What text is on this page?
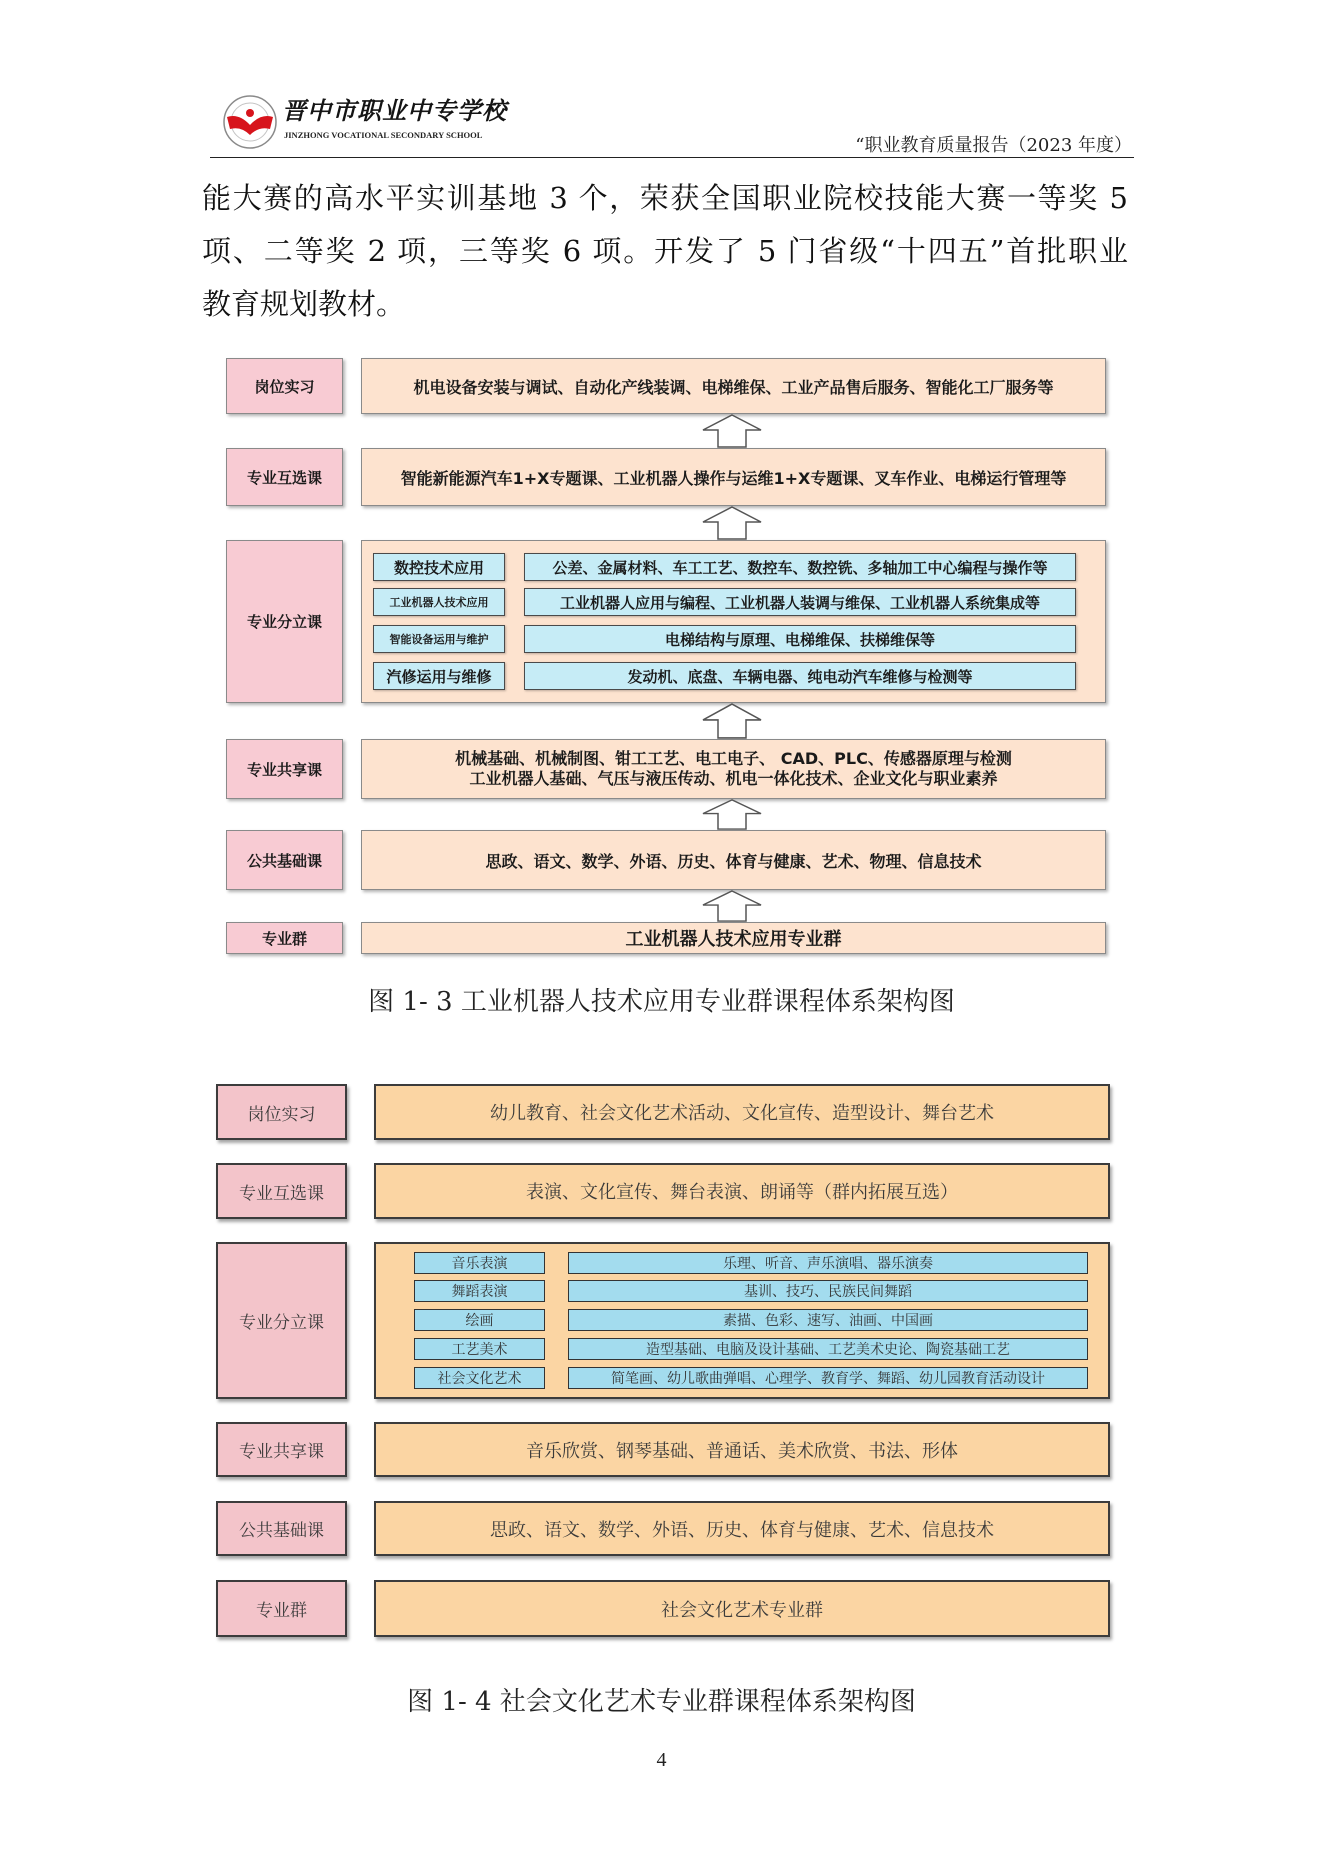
晋中市职业中专学校
JINZHONG VOCATIONAL SECONDARY SCHOOL	“职业教育质量报告（2023 年度）
能大赛的高水平实训基地 3 个，荣获全国职业院校技能大赛一等奖 5
项、二等奖 2 项，三等奖 6 项。开发了 5 门省级“十四五”首批职业
教育规划教材。
岗位实习	机电设备安装与调试、自动化产线装调、电梯维保、工业产品售后服务、智能化工厂服务等
专业互选课	智能新能源汽车1+X专题课、工业机器人操作与运维1+X专题课、叉车作业、电梯运行管理等
专业分立课
数控技术应用	公差、金属材料、车工工艺、数控车、数控铣、多轴加工中心编程与操作等
工业机器人技术应用	工业机器人应用与编程、工业机器人装调与维保、工业机器人系统集成等
智能设备运用与维护	电梯结构与原理、电梯维保、扶梯维保等
汽修运用与维修	发动机、底盘、车辆电器、纯电动汽车维修与检测等
专业共享课
机械基础、机械制图、钳工工艺、电工电子、 CAD、PLC、传感器原理与检测
工业机器人基础、气压与液压传动、机电一体化技术、企业文化与职业素养
公共基础课	思政、语文、数学、外语、历史、体育与健康、艺术、物理、信息技术
专业群	工业机器人技术应用专业群
图 1- 3 工业机器人技术应用专业群课程体系架构图
岗位实习	幼儿教育、社会文化艺术活动、文化宣传、造型设计、舞台艺术
专业互选课	表演、文化宣传、舞台表演、朗诵等（群内拓展互选）
专业分立课
音乐表演	乐理、听音、声乐演唱、器乐演奏
舞蹈表演	基训、技巧、民族民间舞蹈
绘画	素描、色彩、速写、油画、中国画
工艺美术	造型基础、电脑及设计基础、工艺美术史论、陶瓷基础工艺
社会文化艺术	简笔画、幼儿歌曲弹唱、心理学、教育学、舞蹈、幼儿园教育活动设计
专业共享课	音乐欣赏、钢琴基础、普通话、美术欣赏、书法、形体
公共基础课	思政、语文、数学、外语、历史、体育与健康、艺术、信息技术
专业群	社会文化艺术专业群
图 1- 4 社会文化艺术专业群课程体系架构图
4
